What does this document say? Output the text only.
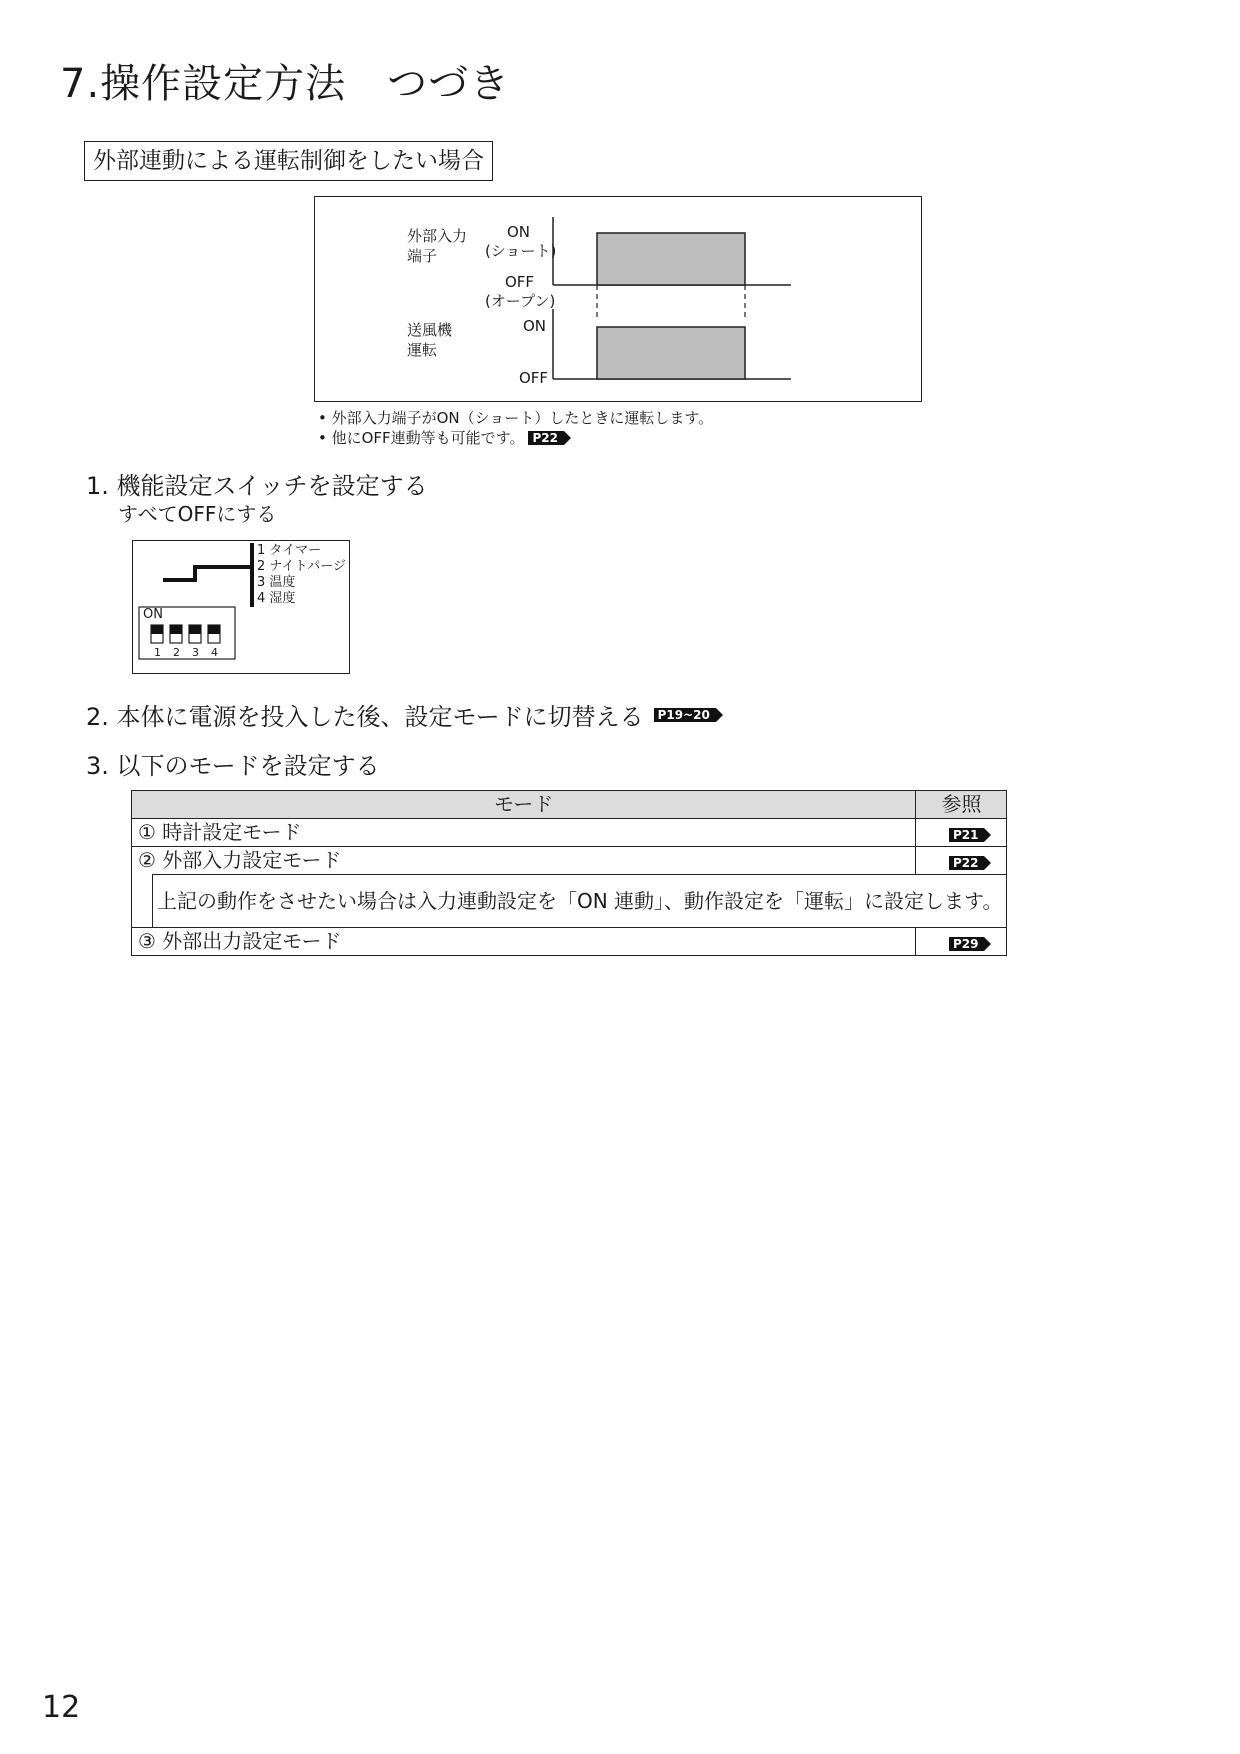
7.操作設定方法　つづき
外部連動による運転制御をしたい場合
外部入力
端子
ON
(ショート)
OFF
(オープン)
送風機
運転
ON
OFF
• 外部入力端子がON（ショート）したときに運転します。
• 他にOFF連動等も可能です。 P22
1. 機能設定スイッチを設定する
すべてOFFにする
ON
1 2 3 4
1 タイマー
2 ナイトパージ
3 温度
4 湿度
2. 本体に電源を投入した後、設定モードに切替える	P19~20
3. 以下のモードを設定する
モード		参照
① 時計設定モード		P21
② 外部入力設定モード		P22
	上記の動作をさせたい場合は入力連動設定を「ON 連動」、動作設定を「運転」に設定します。	
③ 外部出力設定モード		P29
12
